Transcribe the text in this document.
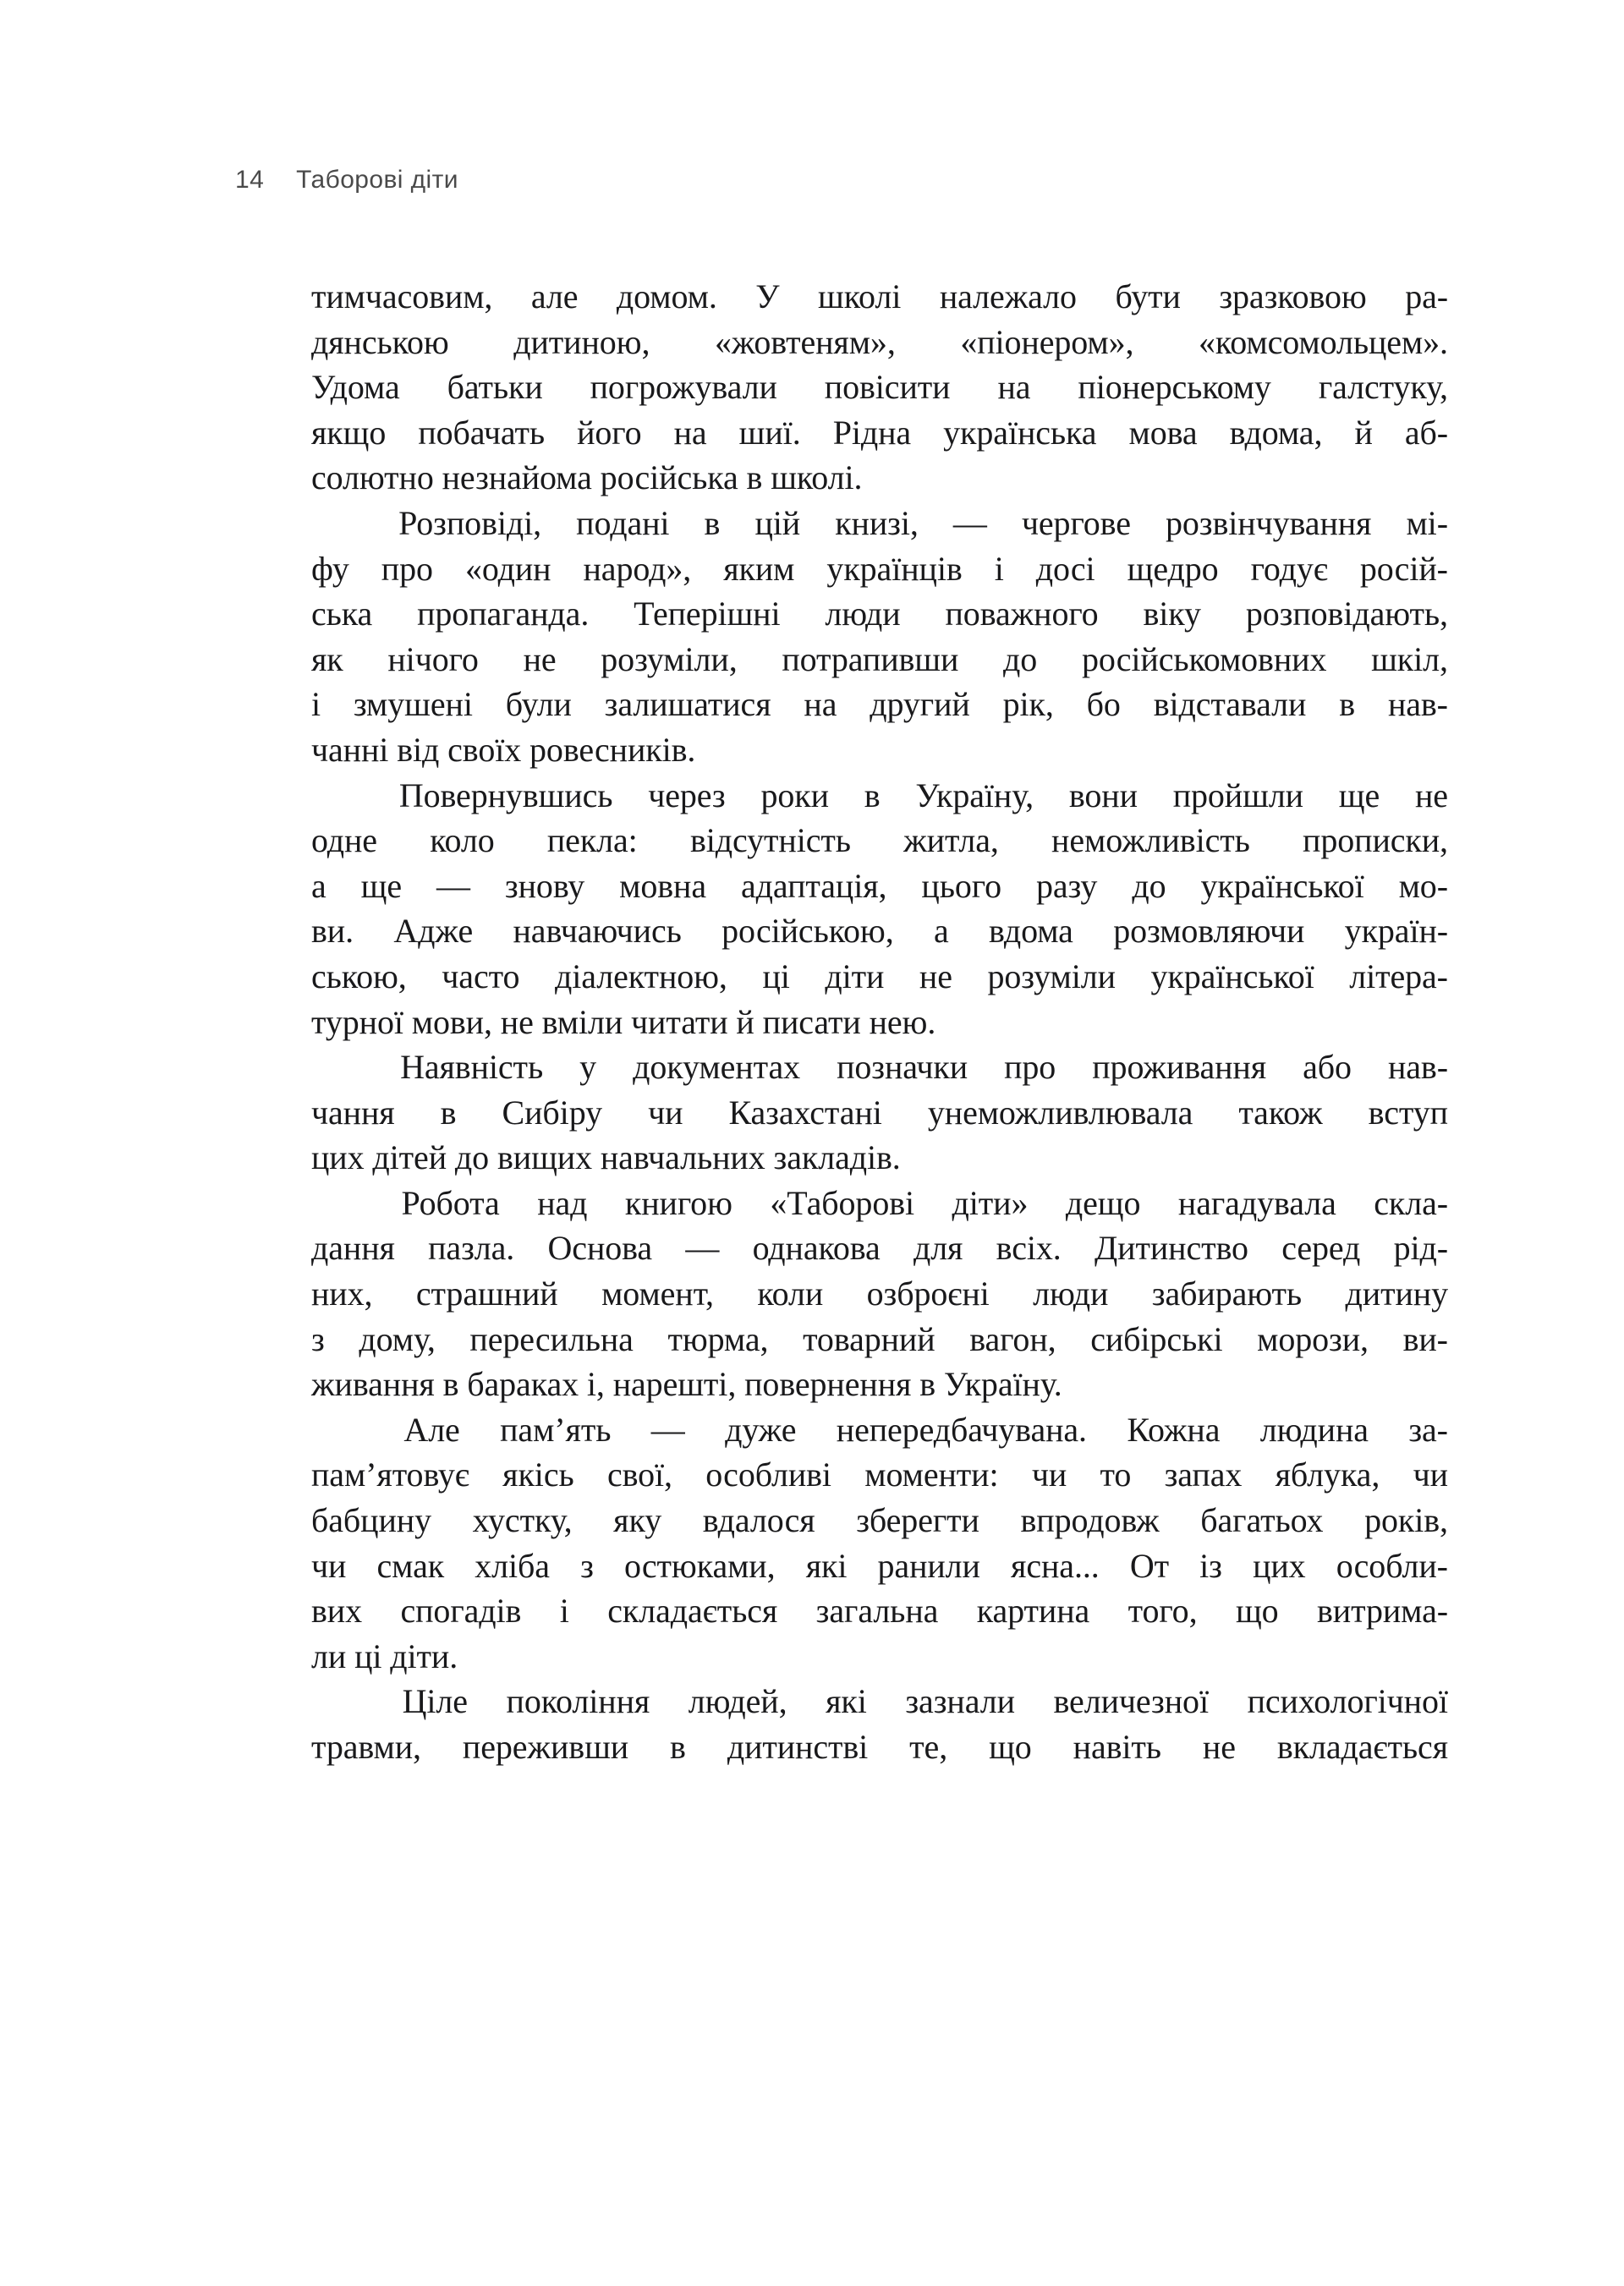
14 Таборові діти
тимчасовим, але домом. У школі належало бути зразковою ра-
дянською дитиною, «жовтеням», «піонером», «комсомольцем».
Удома батьки погрожували повісити на піонерському галстуку,
якщо побачать його на шиї. Рідна українська мова вдома, й аб-
солютно незнайома російська в школі.
Розповіді, подані в цій книзі, — чергове розвінчування мі-
фу про «один народ», яким українців і досі щедро годує росій-
ська пропаганда. Теперішні люди поважного віку розповідають,
як нічого не розуміли, потрапивши до російськомовних шкіл,
і змушені були залишатися на другий рік, бо відставали в нав-
чанні від своїх ровесників.
Повернувшись через роки в Україну, вони пройшли ще не
одне коло пекла: відсутність житла, неможливість прописки,
а ще — знову мовна адаптація, цього разу до української мо-
ви. Адже навчаючись російською, а вдома розмовляючи україн-
ською, часто діалектною, ці діти не розуміли української літера-
турної мови, не вміли читати й писати нею.
Наявність у документах позначки про проживання або нав-
чання в Сибіру чи Казахстані унеможливлювала також вступ
цих дітей до вищих навчальних закладів.
Робота над книгою «Таборові діти» дещо нагадувала скла-
дання пазла. Основа — однакова для всіх. Дитинство серед рід-
них, страшний момент, коли озброєні люди забирають дитину
з дому, пересильна тюрма, товарний вагон, сибірські морози, ви-
живання в бараках і, нарешті, повернення в Україну.
Але пам’ять — дуже непередбачувана. Кожна людина за-
пам’ятовує якісь свої, особливі моменти: чи то запах яблука, чи
бабцину хустку, яку вдалося зберегти впродовж багатьох років,
чи смак хліба з остюками, які ранили ясна... От із цих особли-
вих спогадів і складається загальна картина того, що витрима-
ли ці діти.
Ціле покоління людей, які зазнали величезної психологічної
травми, переживши в дитинстві те, що навіть не вкладається
